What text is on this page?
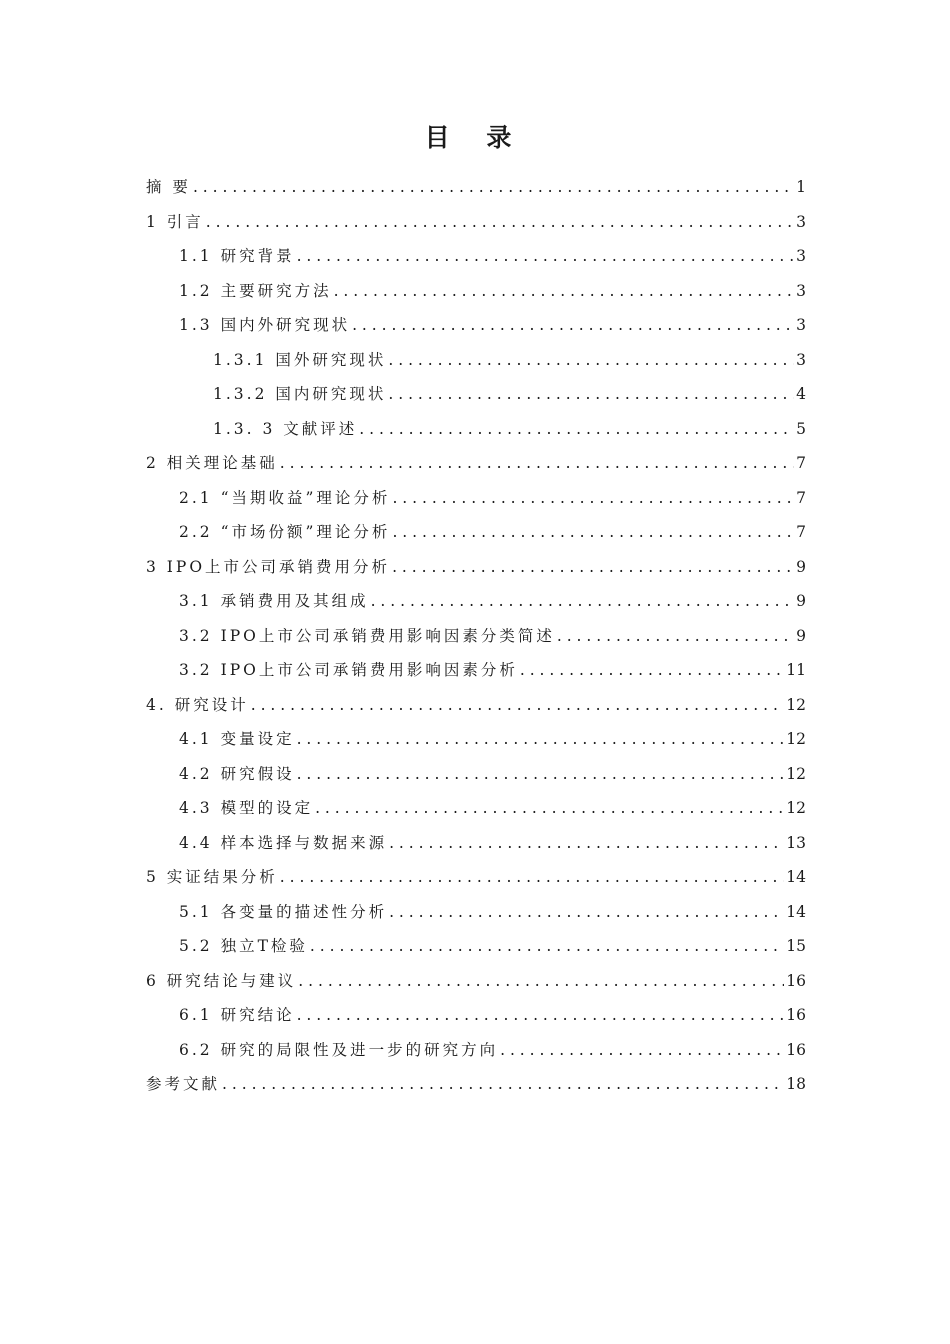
目 录
摘 要 . . .	1
1 引言 . . .	3
1.1 研究背景 . . .	3
1.2 主要研究方法 . . .	3
1.3 国内外研究现状 . . .	3
1.3.1 国外研究现状 . . .	3
1.3.2 国内研究现状 . . .	4
1.3. 3 文献评述 . . .	5
2 相关理论基础 . . .	7
2.1 “当期收益”理论分析 . . .	7
2.2 “市场份额”理论分析 . . .	7
3 IPO上市公司承销费用分析 . . .	9
3.1 承销费用及其组成 . . .	9
3.2 IPO上市公司承销费用影响因素分类简述 . . .	9
3.2 IPO上市公司承销费用影响因素分析 . . .	11
4. 研究设计 . . .	12
4.1 变量设定 . . .	12
4.2 研究假设 . . .	12
4.3 模型的设定 . . .	12
4.4 样本选择与数据来源 . . .	13
5 实证结果分析 . . .	14
5.1 各变量的描述性分析 . . .	14
5.2 独立T检验 . . .	15
6 研究结论与建议 . . .	16
6.1 研究结论 . . .	16
6.2 研究的局限性及进一步的研究方向 . . .	16
参考文献 . . .	18
